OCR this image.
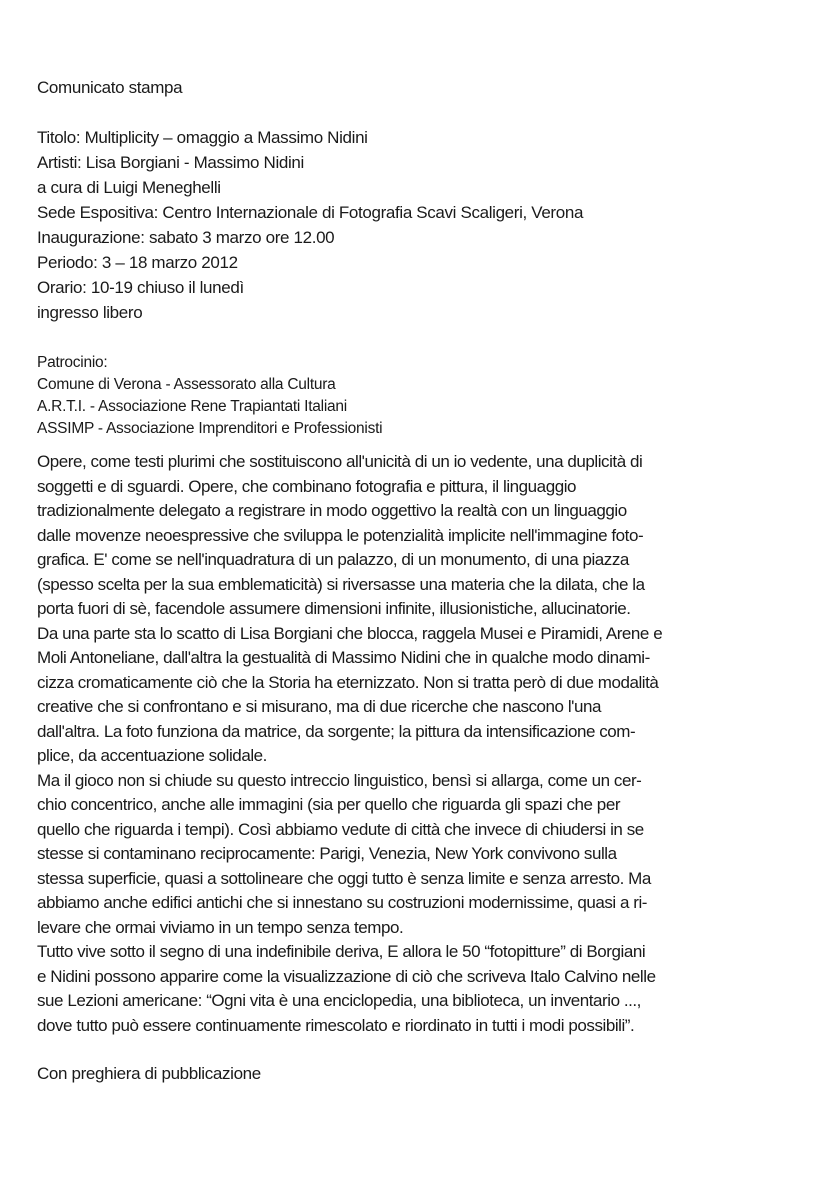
Comunicato stampa
Titolo: Multiplicity – omaggio a Massimo Nidini
Artisti: Lisa Borgiani - Massimo Nidini
a cura di Luigi Meneghelli
Sede Espositiva: Centro Internazionale di Fotografia Scavi Scaligeri, Verona
Inaugurazione: sabato 3 marzo ore 12.00
Periodo: 3 – 18 marzo 2012
Orario: 10-19 chiuso il lunedì
ingresso libero
Patrocinio:
Comune di Verona - Assessorato alla Cultura
A.R.T.I. - Associazione Rene Trapiantati Italiani
ASSIMP - Associazione Imprenditori e Professionisti
Opere, come testi plurimi che sostituiscono all'unicità di un io vedente, una duplicità di
soggetti e di sguardi. Opere, che combinano fotografia e pittura, il linguaggio
tradizionalmente delegato a registrare in modo oggettivo la realtà con un linguaggio
dalle movenze neoespressive che sviluppa le potenzialità implicite nell'immagine foto-
grafica. E' come se nell'inquadratura di un palazzo, di un monumento, di una piazza
(spesso scelta per la sua emblematicità) si riversasse una materia che la dilata, che la
porta fuori di sè, facendole assumere dimensioni infinite, illusionistiche, allucinatorie.
Da una parte sta lo scatto di Lisa Borgiani che blocca, raggela Musei e Piramidi, Arene e
Moli Antoneliane, dall'altra la gestualità di Massimo Nidini che in qualche modo dinami-
cizza cromaticamente ciò che la Storia ha eternizzato. Non si tratta però di due modalità
creative che si confrontano e si misurano, ma di due ricerche che nascono l'una
dall'altra. La foto funziona da matrice, da sorgente; la pittura da intensificazione com-
plice, da accentuazione solidale.
Ma il gioco non si chiude su questo intreccio linguistico, bensì si allarga, come un cer-
chio concentrico, anche alle immagini (sia per quello che riguarda gli spazi che per
quello che riguarda i tempi). Così abbiamo vedute di città che invece di chiudersi in se
stesse si contaminano reciprocamente: Parigi, Venezia, New York convivono sulla
stessa superficie, quasi a sottolineare che oggi tutto è senza limite e senza arresto. Ma
abbiamo anche edifici antichi che si innestano su costruzioni modernissime, quasi a ri-
levare che ormai viviamo in un tempo senza tempo.
Tutto vive sotto il segno di una indefinibile deriva, E allora le 50 “fotopitture” di Borgiani
e Nidini possono apparire come la visualizzazione di ciò che scriveva Italo Calvino nelle
sue Lezioni americane: “Ogni vita è una enciclopedia, una biblioteca, un inventario ...,
dove tutto può essere continuamente rimescolato e riordinato in tutti i modi possibili”.
Con preghiera di pubblicazione
